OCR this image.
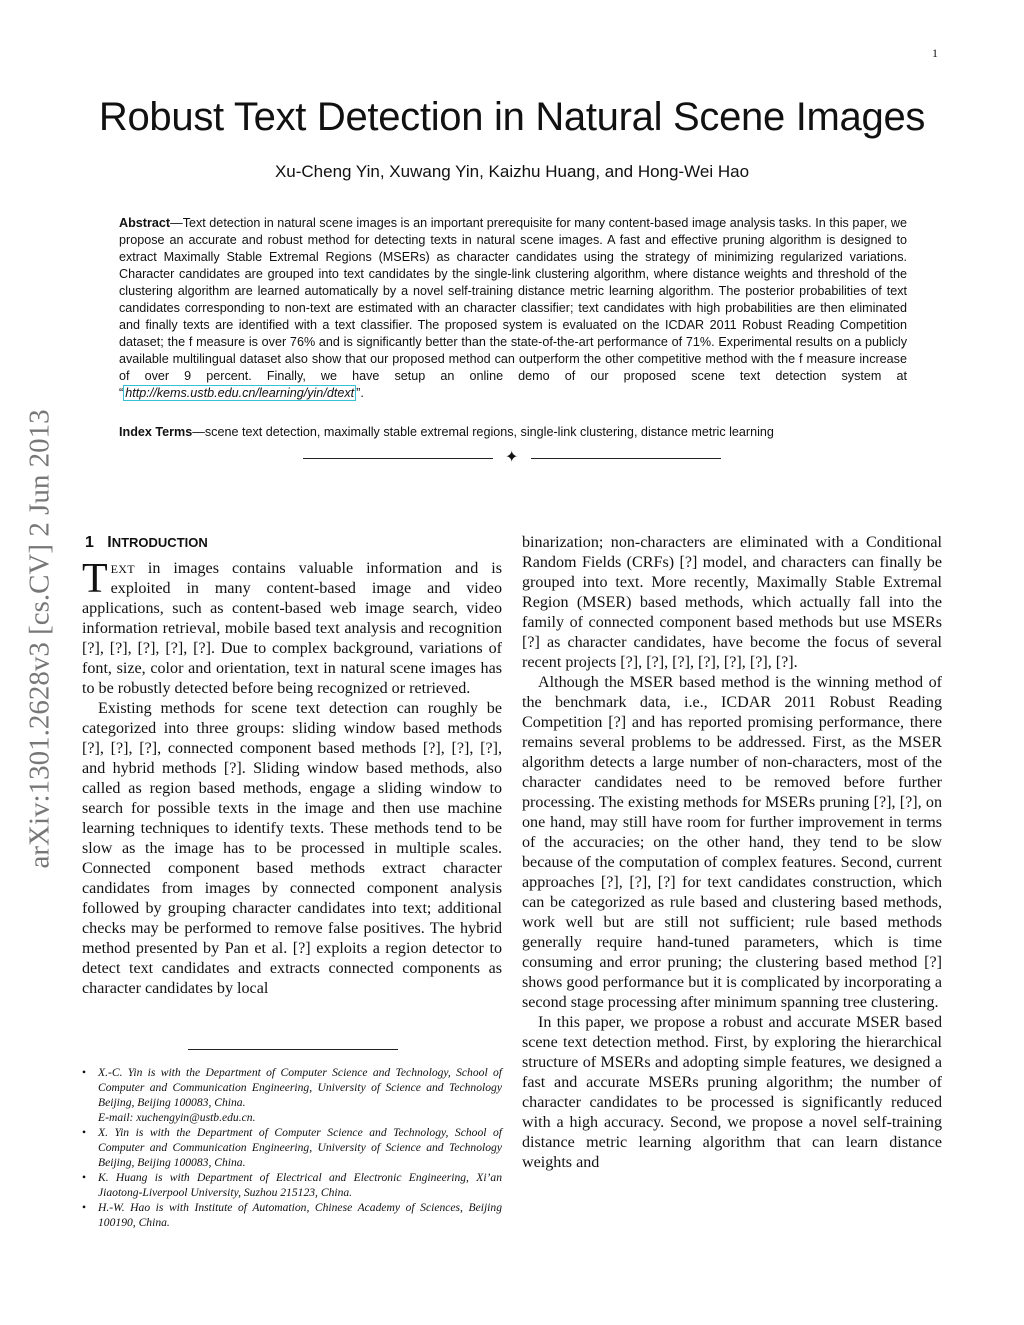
1
Robust Text Detection in Natural Scene Images
Xu-Cheng Yin, Xuwang Yin, Kaizhu Huang, and Hong-Wei Hao
Abstract—Text detection in natural scene images is an important prerequisite for many content-based image analysis tasks. In this paper, we propose an accurate and robust method for detecting texts in natural scene images. A fast and effective pruning algorithm is designed to extract Maximally Stable Extremal Regions (MSERs) as character candidates using the strategy of minimizing regularized variations. Character candidates are grouped into text candidates by the single-link clustering algorithm, where distance weights and threshold of the clustering algorithm are learned automatically by a novel self-training distance metric learning algorithm. The posterior probabilities of text candidates corresponding to non-text are estimated with an character classifier; text candidates with high probabilities are then eliminated and finally texts are identified with a text classifier. The proposed system is evaluated on the ICDAR 2011 Robust Reading Competition dataset; the f measure is over 76% and is significantly better than the state-of-the-art performance of 71%. Experimental results on a publicly available multilingual dataset also show that our proposed method can outperform the other competitive method with the f measure increase of over 9 percent. Finally, we have setup an online demo of our proposed scene text detection system at “ http://kems.ustb.edu.cn/learning/yin/dtext ”.
Index Terms—scene text detection, maximally stable extremal regions, single-link clustering, distance metric learning
✦
arXiv:1301.2628v3 [cs.CV] 2 Jun 2013 1 INTRODUCTION

TEXT in images contains valuable information and is exploited in many content-based image and video applications, such as content-based web image search, video information retrieval, mobile based text analysis and recognition [?], [?], [?], [?], [?]. Due to complex background, variations of font, size, color and orientation, text in natural scene images has to be robustly detected before being recognized or retrieved.

Existing methods for scene text detection can roughly be categorized into three groups: sliding window based methods [?], [?], [?], connected component based methods [?], [?], [?], and hybrid methods [?]. Sliding window based methods, also called as region based methods, engage a sliding window to search for possible texts in the image and then use machine learning techniques to identify texts. These methods tend to be slow as the image has to be processed in multiple scales. Connected component based methods extract character candidates from images by connected component analysis followed by grouping character candidates into text; additional checks may be performed to remove false positives. The hybrid method presented by Pan et al. [?] exploits a region detector to detect text candidates and extracts connected components as character candidates by local

binarization; non-characters are eliminated with a Conditional Random Fields (CRFs) [?] model, and characters can finally be grouped into text. More recently, Maximally Stable Extremal Region (MSER) based methods, which actually fall into the family of connected component based methods but use MSERs [?] as character candidates, have become the focus of several recent projects [?], [?], [?], [?], [?], [?], [?].

Although the MSER based method is the winning method of the benchmark data, i.e., ICDAR 2011 Robust Reading Competition [?] and has reported promising performance, there remains several problems to be addressed. First, as the MSER algorithm detects a large number of non-characters, most of the character candidates need to be removed before further processing. The existing methods for MSERs pruning [?], [?], on one hand, may still have room for further improvement in terms of the accuracies; on the other hand, they tend to be slow because of the computation of complex features. Second, current approaches [?], [?], [?] for text candidates construction, which can be categorized as rule based and clustering based methods, work well but are still not sufficient; rule based methods generally require hand-tuned parameters, which is time consuming and error pruning; the clustering based method [?] shows good performance but it is complicated by incorporating a second stage processing after minimum spanning tree clustering.

In this paper, we propose a robust and accurate MSER based scene text detection method. First, by exploring the hierarchical structure of MSERs and adopting simple features, we designed a fast and accurate MSERs pruning algorithm; the number of character candidates to be processed is significantly reduced with a high accuracy. Second, we propose a novel self-training distance metric learning algorithm that can learn distance weights and

• X.-C. Yin is with the Department of Computer Science and Technology, School of Computer and Communication Engineering, University of Science and Technology Beijing, Beijing 100083, China.
E-mail: xuchengyin@ustb.edu.cn.
• X. Yin is with the Department of Computer Science and Technology, School of Computer and Communication Engineering, University of Science and Technology Beijing, Beijing 100083, China.
• K. Huang is with Department of Electrical and Electronic Engineering, Xi’an Jiaotong-Liverpool University, Suzhou 215123, China.
• H.-W. Hao is with Institute of Automation, Chinese Academy of Sciences, Beijing 100190, China.
